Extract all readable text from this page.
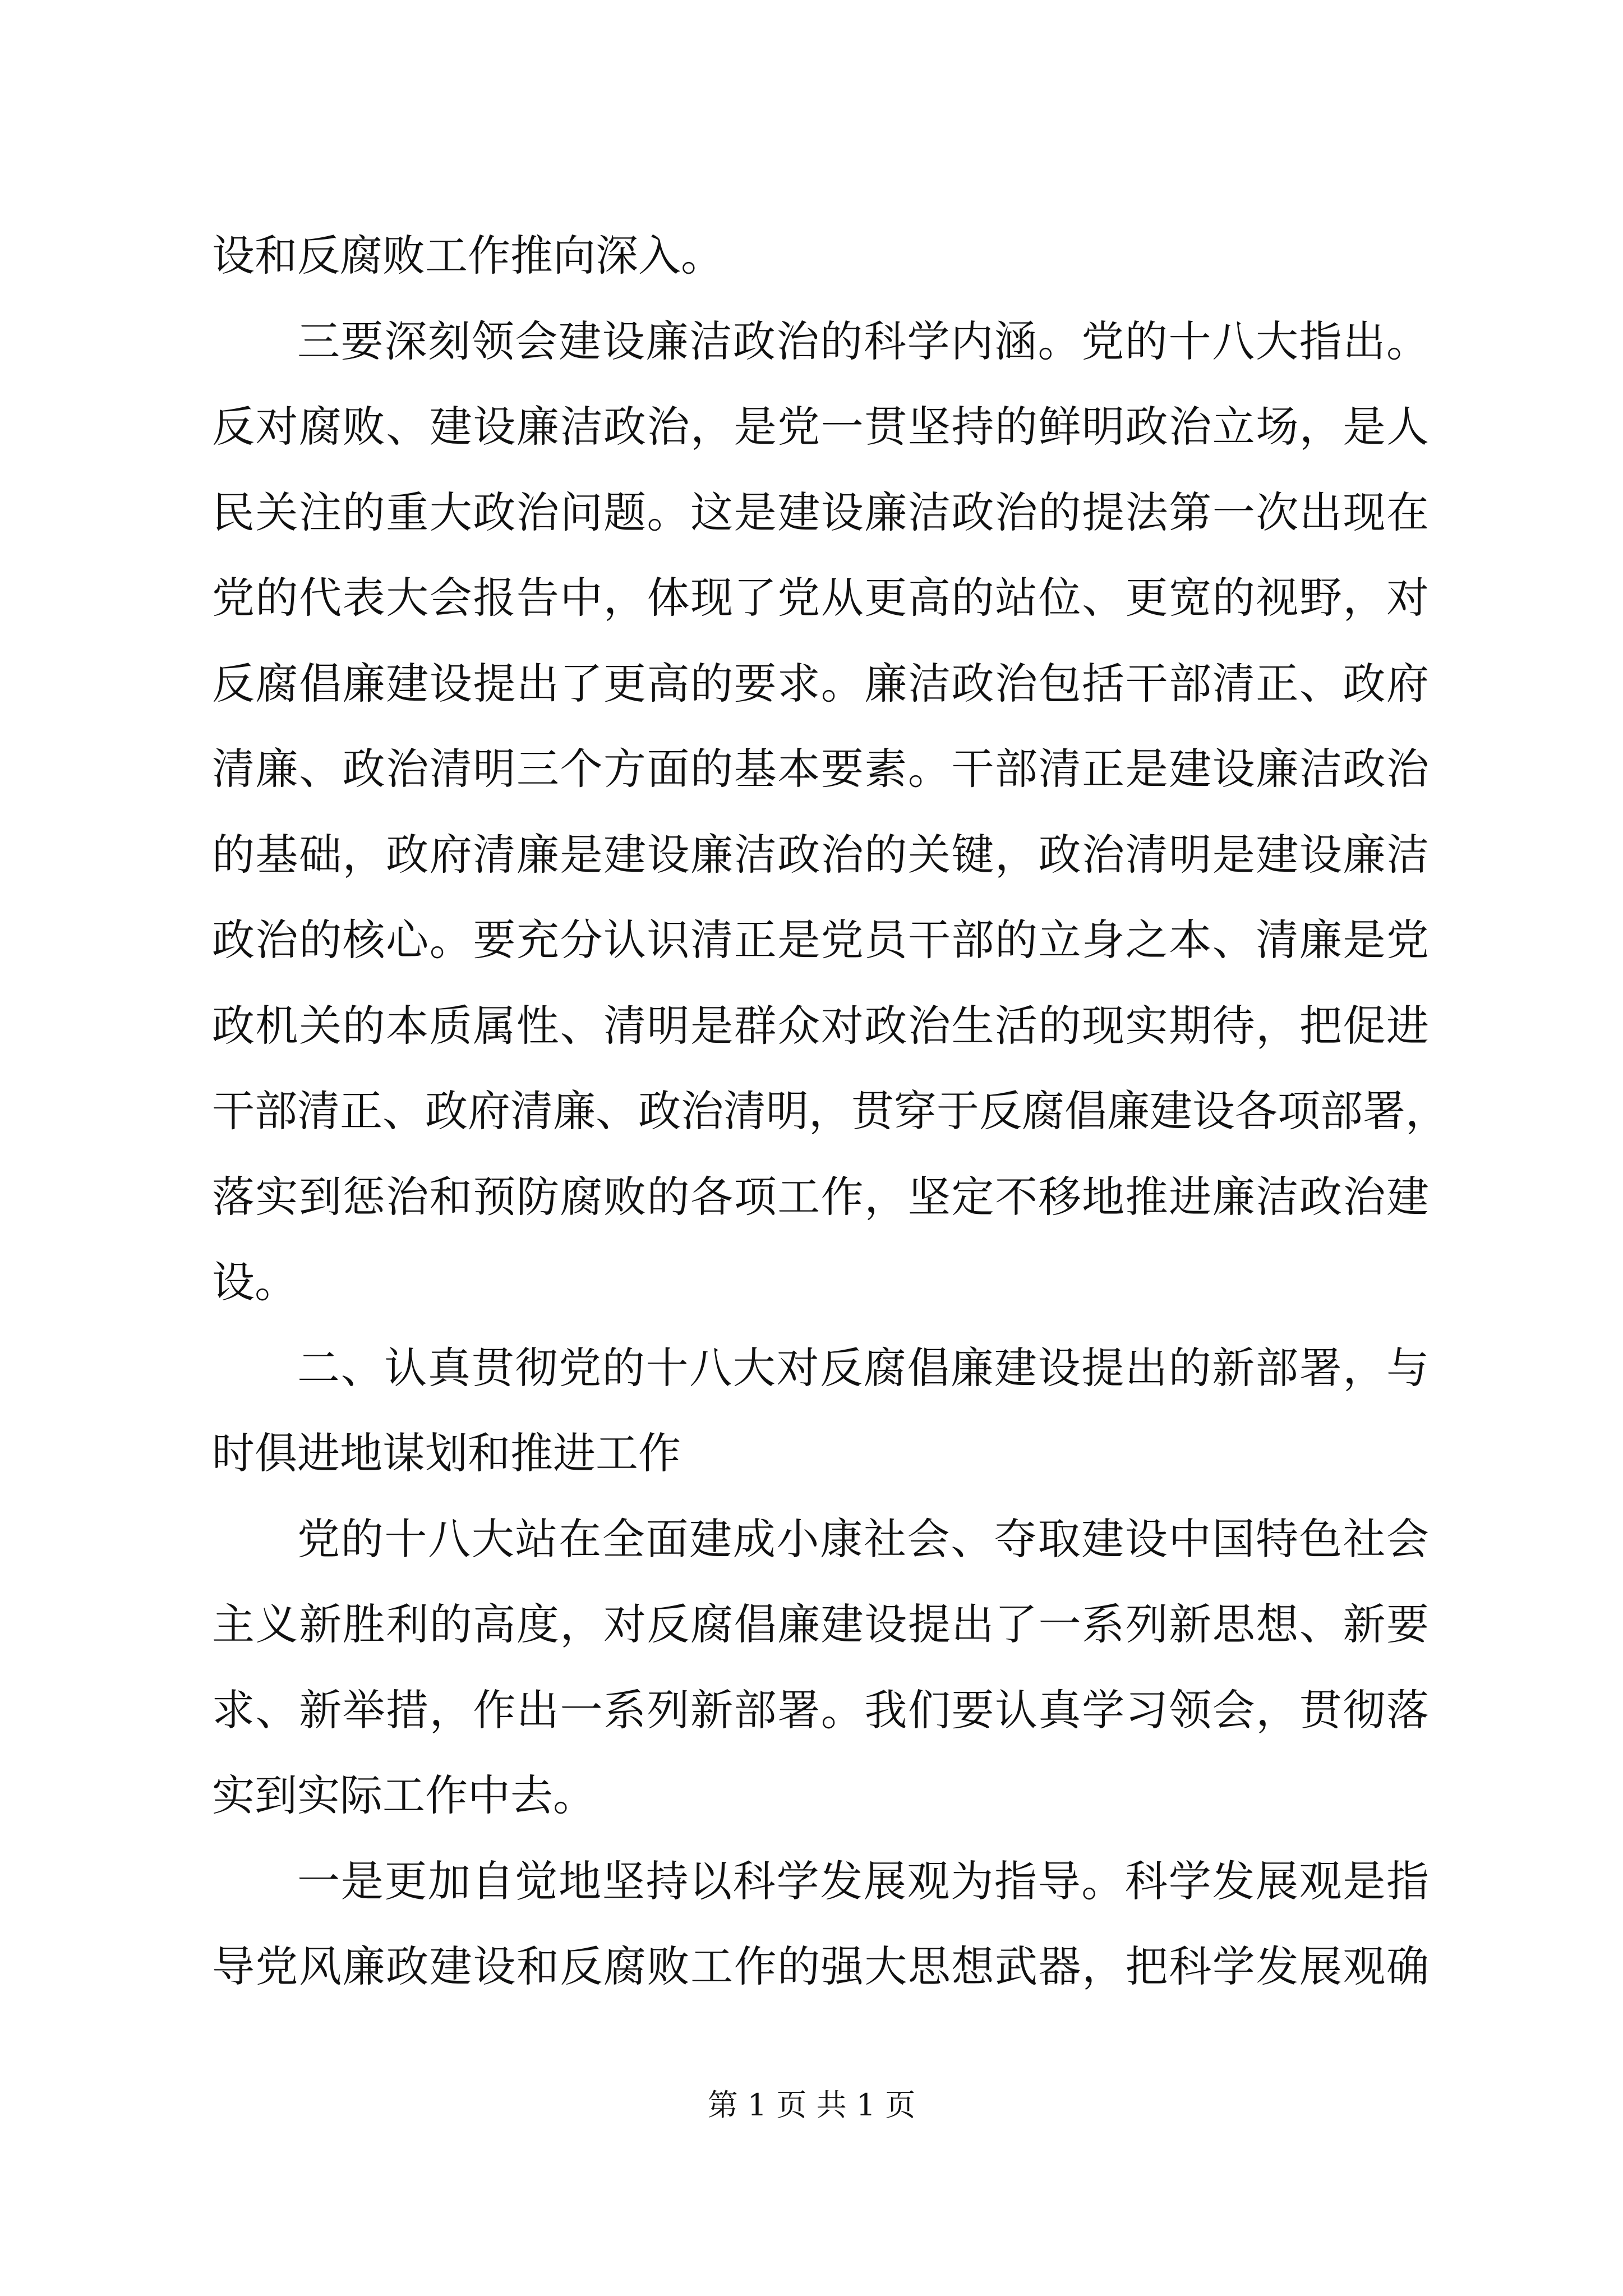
设和反腐败工作推向深入。
三要深刻领会建设廉洁政治的科学内涵。党的十八大指出。
反对腐败、建设廉洁政治，是党一贯坚持的鲜明政治立场，是人
民关注的重大政治问题。这是建设廉洁政治的提法第一次出现在
党的代表大会报告中，体现了党从更高的站位、更宽的视野，对
反腐倡廉建设提出了更高的要求。廉洁政治包括干部清正、政府
清廉、政治清明三个方面的基本要素。干部清正是建设廉洁政治
的基础，政府清廉是建设廉洁政治的关键，政治清明是建设廉洁
政治的核心。要充分认识清正是党员干部的立身之本、清廉是党
政机关的本质属性、清明是群众对政治生活的现实期待，把促进
干部清正、政府清廉、政治清明，贯穿于反腐倡廉建设各项部署，
落实到惩治和预防腐败的各项工作，坚定不移地推进廉洁政治建
设。
二、认真贯彻党的十八大对反腐倡廉建设提出的新部署，与
时俱进地谋划和推进工作
党的十八大站在全面建成小康社会、夺取建设中国特色社会
主义新胜利的高度，对反腐倡廉建设提出了一系列新思想、新要
求、新举措，作出一系列新部署。我们要认真学习领会，贯彻落
实到实际工作中去。
一是更加自觉地坚持以科学发展观为指导。科学发展观是指
导党风廉政建设和反腐败工作的强大思想武器，把科学发展观确
第 1 页 共 1 页
